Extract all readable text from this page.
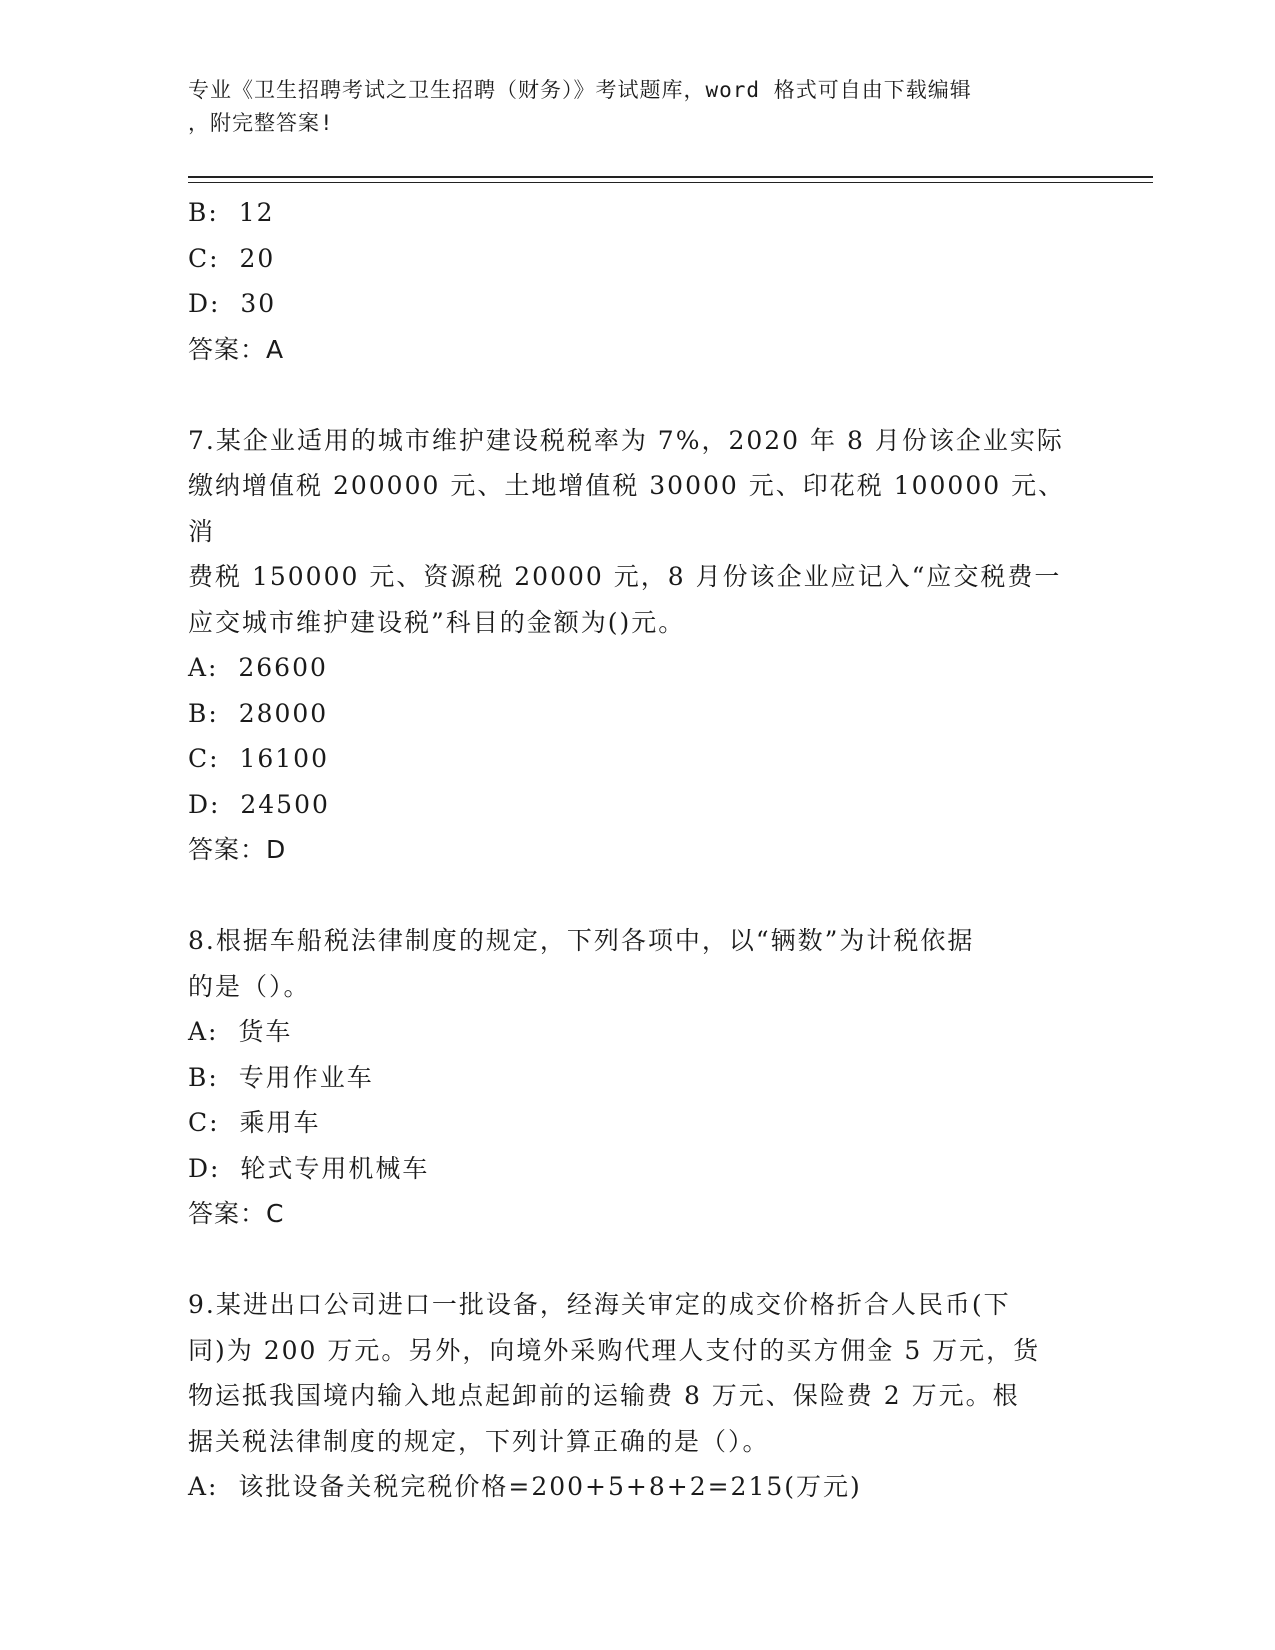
专业《卫生招聘考试之卫生招聘（财务）》考试题库，word 格式可自由下载编辑
，附完整答案!
B:  12
C:  20
D:  30
答案：A
7.某企业适用的城市维护建设税税率为 7%，2020 年 8 月份该企业实际
缴纳增值税 200000 元、土地增值税 30000 元、印花税 100000 元、消
费税 150000 元、资源税 20000 元，8 月份该企业应记入“应交税费一
应交城市维护建设税”科目的金额为()元。
A:  26600
B:  28000
C:  16100
D:  24500
答案：D
8.根据车船税法律制度的规定，下列各项中，以“辆数”为计税依据
的是（）。
A:  货车
B:  专用作业车
C:  乘用车
D:  轮式专用机械车
答案：C
9.某进出口公司进口一批设备，经海关审定的成交价格折合人民币(下
同)为 200 万元。另外，向境外采购代理人支付的买方佣金 5 万元，货
物运抵我国境内输入地点起卸前的运输费 8 万元、保险费 2 万元。根
据关税法律制度的规定，下列计算正确的是（）。
A:  该批设备关税完税价格=200+5+8+2=215(万元)
